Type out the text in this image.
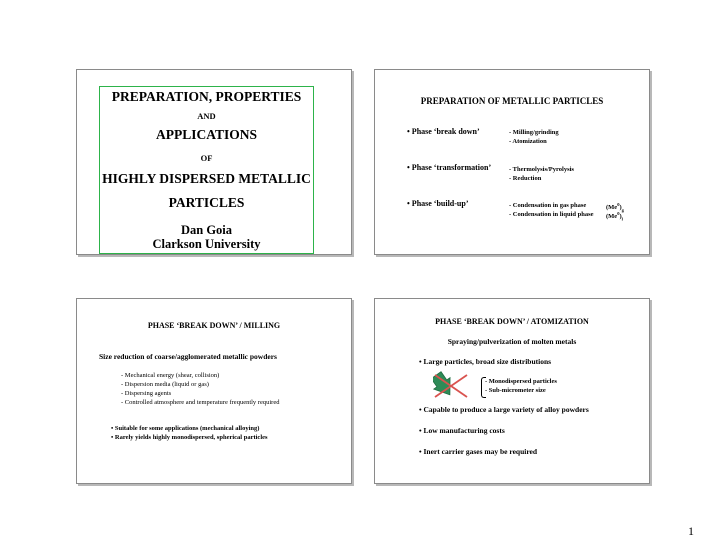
PREPARATION, PROPERTIES
AND
APPLICATIONS
OF
HIGHLY DISPERSED METALLIC
PARTICLES
Dan Goia
Clarkson University
PREPARATION OF METALLIC PARTICLES
• Phase ‘break down’	- Milling/grinding
- Atomization
• Phase ‘transformation’	- Thermolysis/Pyrolysis
- Reduction
• Phase ‘build-up’	- Condensation in gas phase
- Condensation in liquid phase
$(Me^0)_g$
$(Me^0)_l$
PHASE ‘BREAK DOWN’ / MILLING
Size reduction of coarse/agglomerated metallic powders
- Mechanical energy (shear, collision)
- Dispersion media (liquid or gas)
- Dispersing agents
- Controlled atmosphere and temperature frequently required
• Suitable for some applications (mechanical alloying)
• Rarely yields highly monodispersed, spherical particles
PHASE ‘BREAK DOWN’ / ATOMIZATION
Spraying/pulverization of molten metals
• Large particles, broad size distributions
- Monodispersed particles
- Sub-micrometer size
• Capable to produce a large variety of alloy powders
• Low manufacturing costs
• Inert carrier gases may be required
1
